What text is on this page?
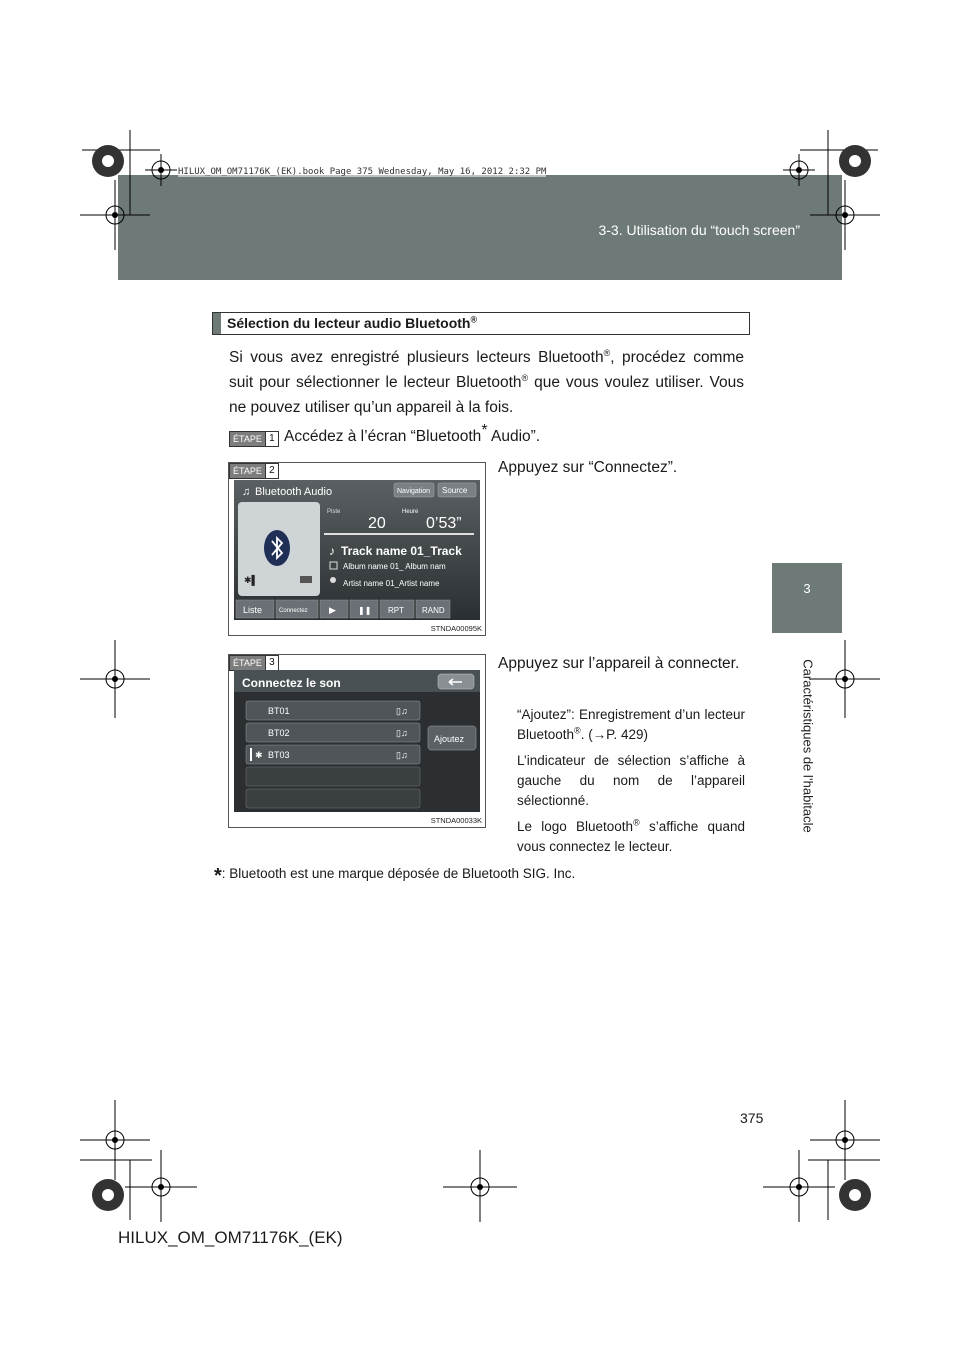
3-3. Utilisation du “touch screen”
HILUX_OM_OM71176K_(EK).book Page 375 Wednesday, May 16, 2012 2:32 PM
3
Caractéristiques de l’habitacle
Sélection du lecteur audio Bluetooth®
Si vous avez enregistré plusieurs lecteurs Bluetooth®, procédez comme suit pour sélectionner le lecteur Bluetooth® que vous voulez utiliser. Vous ne pouvez utiliser qu’un appareil à la fois.
ÉTAPE 1 Accédez à l’écran “Bluetooth* Audio”.
ÉTAPE 2
♫ Bluetooth Audio	Navigation Source
✱▌
Piste	Heure
20	0’53”
♪ Track name 01_Track
Album name 01_ Album nam
Artist name 01_Artist name
Liste	Connectez ▶	❚❚ RPT RAND
STNDA00095K
Appuyez sur “Connectez”.
ÉTAPE 3
Connectez le son
BT01
BT02
BT03
✱
▯♫
▯♫
▯♫
Ajoutez
STNDA00033K
Appuyez sur l’appareil à connecter.
“Ajoutez”: Enregistrement d’un lecteur Bluetooth®. (→P. 429)
L’indicateur de sélection s’affiche à gauche du nom de l’appareil sélectionné.
Le logo Bluetooth® s’affiche quand vous connectez le lecteur.
*: Bluetooth est une marque déposée de Bluetooth SIG. Inc.
375
HILUX_OM_OM71176K_(EK)
